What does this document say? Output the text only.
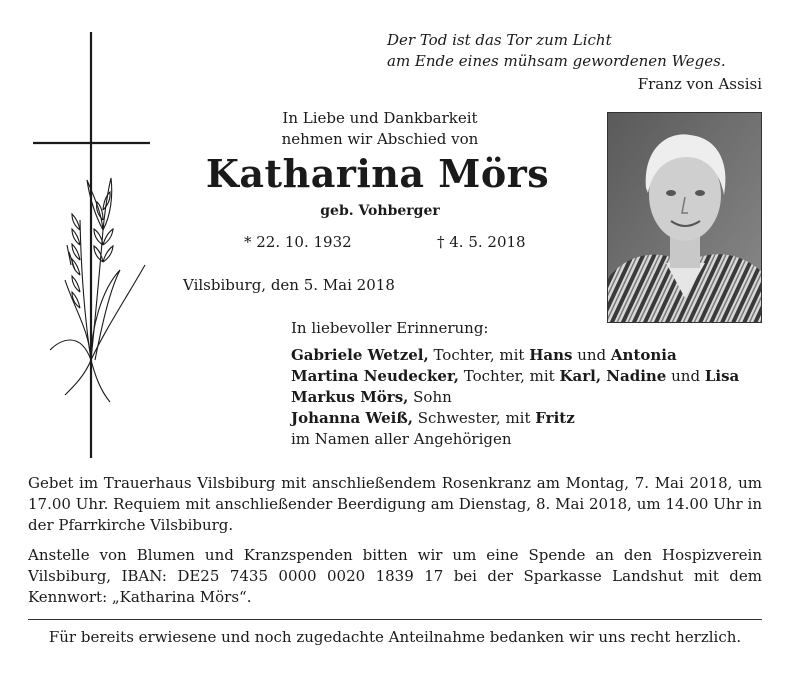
Der Tod ist das Tor zum Licht
am Ende eines mühsam gewordenen Weges.
Franz von Assisi
In Liebe und Dankbarkeit
nehmen wir Abschied von
Katharina Mörs
geb. Vohberger
* 22. 10. 1932	† 4. 5. 2018
Vilsbiburg, den 5. Mai 2018
In liebevoller Erinnerung:
Gabriele Wetzel, Tochter, mit Hans und Antonia
Martina Neudecker, Tochter, mit Karl, Nadine und Lisa
Markus Mörs, Sohn
Johanna Weiß, Schwester, mit Fritz
im Namen aller Angehörigen
Gebet im Trauerhaus Vilsbiburg mit anschließendem Rosenkranz am Montag, 7. Mai 2018, um 17.00 Uhr. Requiem mit anschließender Beerdigung am Dienstag, 8. Mai 2018, um 14.00 Uhr in der Pfarrkirche Vilsbiburg.
Anstelle von Blumen und Kranzspenden bitten wir um eine Spende an den Hospizverein Vilsbiburg, IBAN: DE25 7435 0000 0020 1839 17 bei der Sparkasse Landshut mit dem Kennwort: „Katharina Mörs“.
Für bereits erwiesene und noch zugedachte Anteilnahme bedanken wir uns recht herzlich.
